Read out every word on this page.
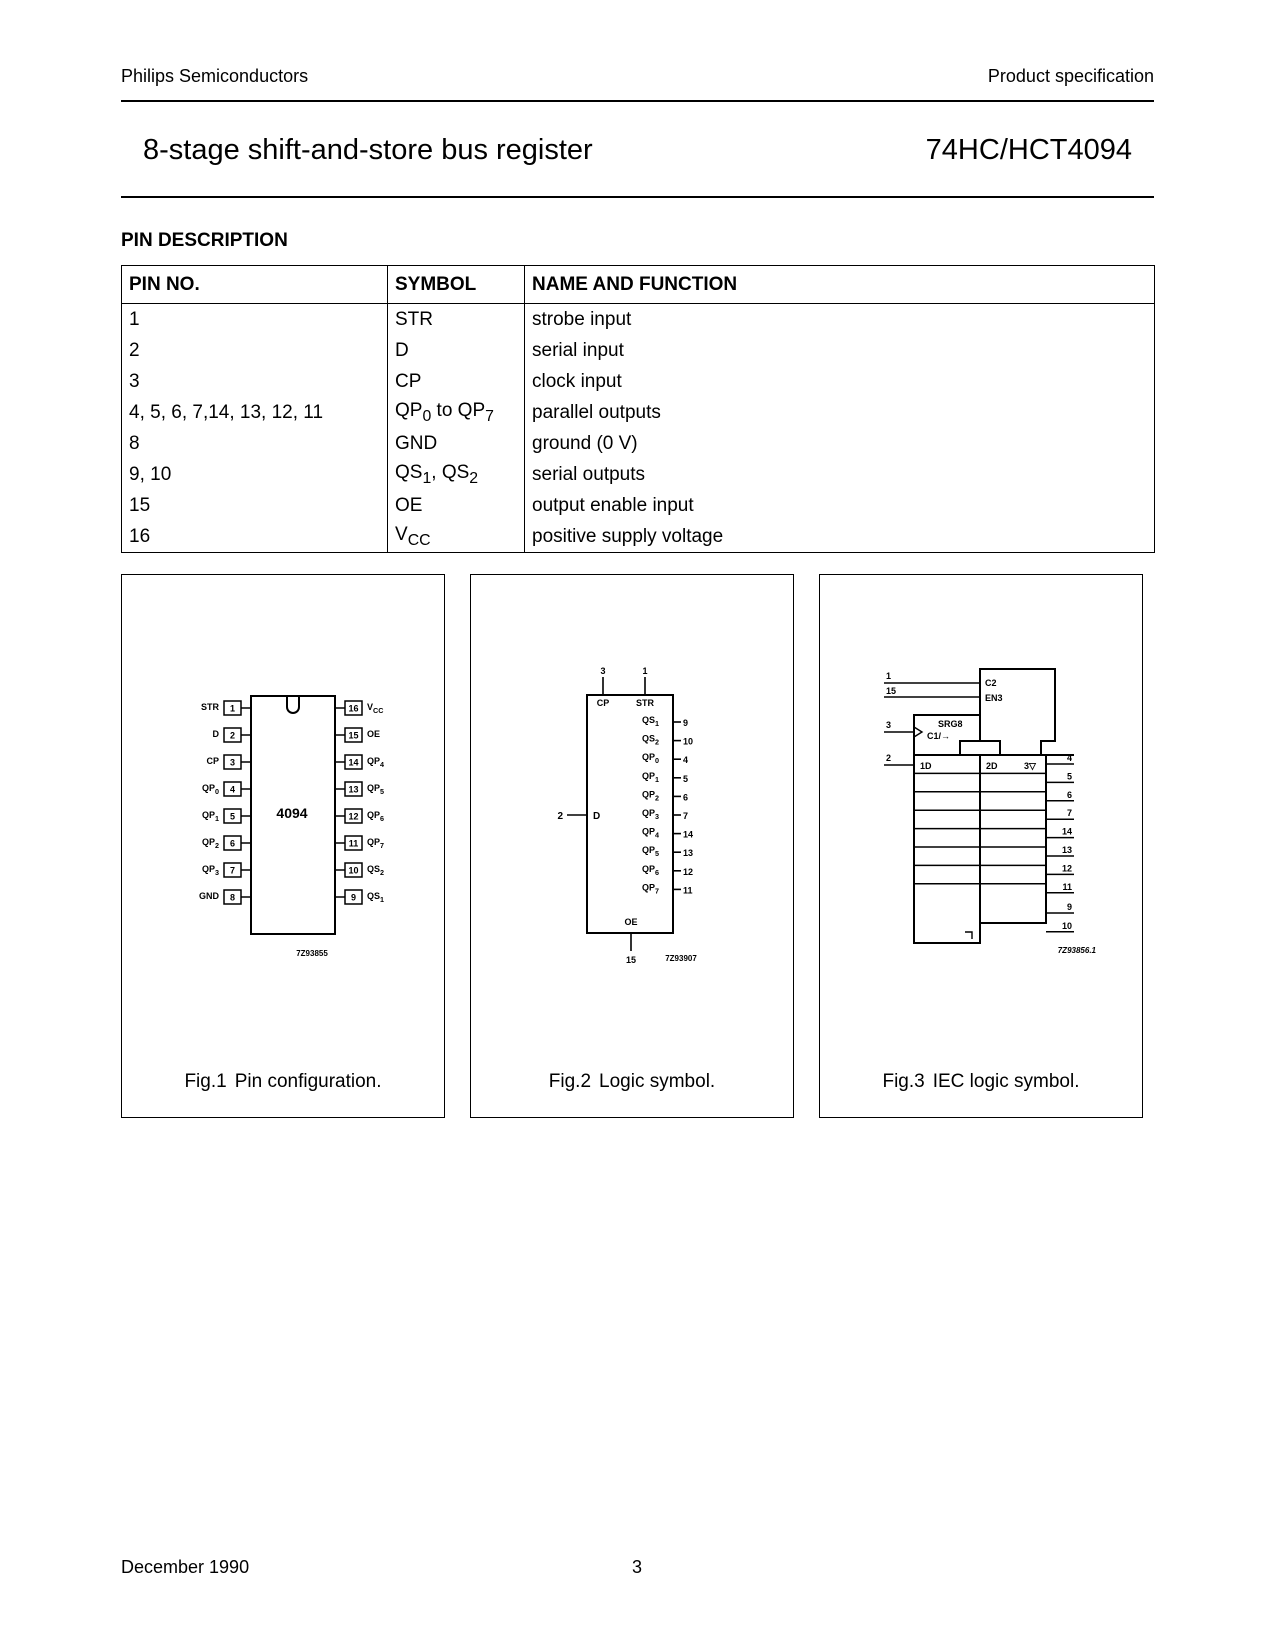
Philips Semiconductors	Product specification
8-stage shift-and-store bus register	74HC/HCT4094
PIN DESCRIPTION
PIN NO.	SYMBOL	NAME AND FUNCTION
1	STR	strobe input
2	D	serial input
3	CP	clock input
4, 5, 6, 7,14, 13, 12, 11	$QP_0$ to $QP_7$	parallel outputs
8	GND	ground (0 V)
9, 10	$QS_1$, $QS_2$	serial outputs
15	OE	output enable input
16	$V_{CC}$	positive supply voltage
4094
7Z93855
1
STR
2
D
3
CP
4
$QP_0$
5
$QP_1$
6
$QP_2$
7
$QP_3$
8
GND
16 $V_{CC}$
15 OE
14 $QP_4$
13 $QP_5$
12 $QP_6$
11 $QP_7$
10 $QS_2$
9 $QS_1$
Fig.1 Pin configuration.
3
CP
1
STR
2	D
OE
15	7Z93907
$QS_1$	9
$QS_2$	10
$QP_0$	4
$QP_1$	5
$QP_2$	6
$QP_3$	7
$QP_4$	14
$QP_5$	13
$QP_6$	12
$QP_7$	11
Fig.2 Logic symbol.
C2
EN3
SRG8
C1/→
1
15
3
2
1D	2D	3▽
4
5
6
7
14
13
12
11
9
10
7Z93856.1
Fig.3 IEC logic symbol.
December 1990	3
